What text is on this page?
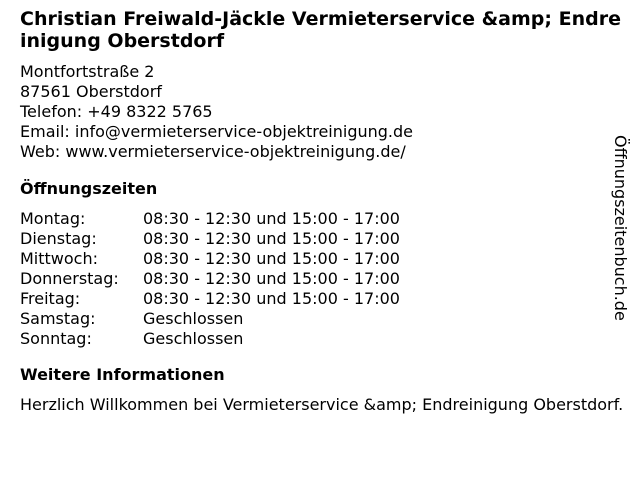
Christian Freiwald-Jäckle Vermieterservice &amp; Endreinigung Oberstdorf
Montfortstraße 2
87561 Oberstdorf
Telefon: +49 8322 5765
Email: info@vermieterservice-objektreinigung.de
Web: www.vermieterservice-objektreinigung.de/
Öffnungszeiten
Montag:	08:30 - 12:30 und 15:00 - 17:00
Dienstag:	08:30 - 12:30 und 15:00 - 17:00
Mittwoch:	08:30 - 12:30 und 15:00 - 17:00
Donnerstag:	08:30 - 12:30 und 15:00 - 17:00
Freitag:	08:30 - 12:30 und 15:00 - 17:00
Samstag:	Geschlossen
Sonntag:	Geschlossen
Weitere Informationen
Herzlich Willkommen bei Vermieterservice &amp; Endreinigung Oberstdorf.
Öffnungszeitenbuch.de
